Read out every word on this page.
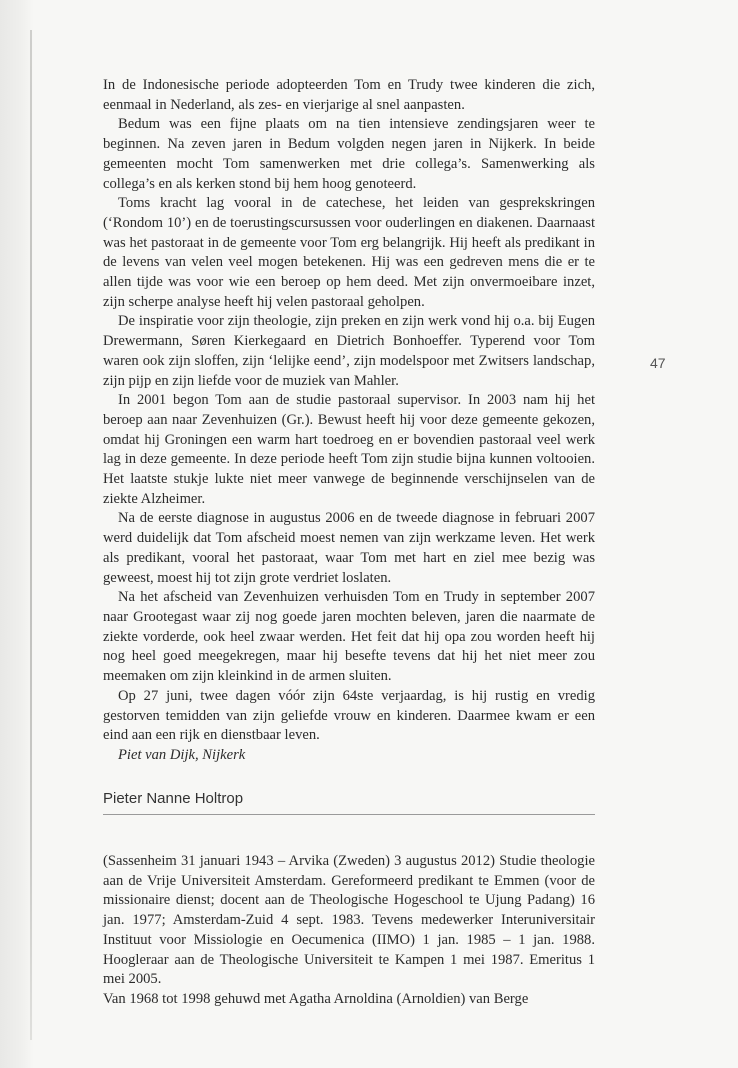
47

In de Indonesische periode adopteerden Tom en Trudy twee kinderen die zich, eenmaal in Nederland, als zes- en vierjarige al snel aanpasten.

Bedum was een fijne plaats om na tien intensieve zendingsjaren weer te beginnen. Na zeven jaren in Bedum volgden negen jaren in Nijkerk. In beide gemeenten mocht Tom samenwerken met drie collega’s. Samenwerking als collega’s en als kerken stond bij hem hoog genoteerd.

Toms kracht lag vooral in de catechese, het leiden van gesprekskringen (‘Rondom 10’) en de toerustingscursussen voor ouderlingen en diakenen. Daarnaast was het pastoraat in de gemeente voor Tom erg belangrijk. Hij heeft als predikant in de levens van velen veel mogen betekenen. Hij was een gedreven mens die er te allen tijde was voor wie een beroep op hem deed. Met zijn onvermoeibare inzet, zijn scherpe analyse heeft hij velen pastoraal geholpen.

De inspiratie voor zijn theologie, zijn preken en zijn werk vond hij o.a. bij Eugen Drewermann, Søren Kierkegaard en Dietrich Bonhoeffer. Typerend voor Tom waren ook zijn sloffen, zijn ‘lelijke eend’, zijn modelspoor met Zwitsers landschap, zijn pijp en zijn liefde voor de muziek van Mahler.

In 2001 begon Tom aan de studie pastoraal supervisor. In 2003 nam hij het beroep aan naar Zevenhuizen (Gr.). Bewust heeft hij voor deze gemeente gekozen, omdat hij Groningen een warm hart toedroeg en er bovendien pastoraal veel werk lag in deze gemeente. In deze periode heeft Tom zijn studie bijna kunnen voltooien. Het laatste stukje lukte niet meer vanwege de beginnende verschijnselen van de ziekte Alzheimer.

Na de eerste diagnose in augustus 2006 en de tweede diagnose in februari 2007 werd duidelijk dat Tom afscheid moest nemen van zijn werkzame leven. Het werk als predikant, vooral het pastoraat, waar Tom met hart en ziel mee bezig was geweest, moest hij tot zijn grote verdriet loslaten.

Na het afscheid van Zevenhuizen verhuisden Tom en Trudy in september 2007 naar Grootegast waar zij nog goede jaren mochten beleven, jaren die naarmate de ziekte vorderde, ook heel zwaar werden. Het feit dat hij opa zou worden heeft hij nog heel goed meegekregen, maar hij besefte tevens dat hij het niet meer zou meemaken om zijn kleinkind in de armen sluiten.

Op 27 juni, twee dagen vóór zijn 64ste verjaardag, is hij rustig en vredig gestorven temidden van zijn geliefde vrouw en kinderen. Daarmee kwam er een eind aan een rijk en dienstbaar leven.

Piet van Dijk, Nijkerk

Pieter Nanne Holtrop

(Sassenheim 31 januari 1943 – Arvika (Zweden) 3 augustus 2012) Studie theologie aan de Vrije Universiteit Amsterdam. Gereformeerd predikant te Emmen (voor de missionaire dienst; docent aan de Theologische Hogeschool te Ujung Padang) 16 jan. 1977; Amsterdam-Zuid 4 sept. 1983. Tevens medewerker Interuniversitair Instituut voor Missiologie en Oecumenica (IIMO) 1 jan. 1985 – 1 jan. 1988. Hoogleraar aan de Theologische Universiteit te Kampen 1 mei 1987. Emeritus 1 mei 2005.

Van 1968 tot 1998 gehuwd met Agatha Arnoldina (Arnoldien) van Berge
